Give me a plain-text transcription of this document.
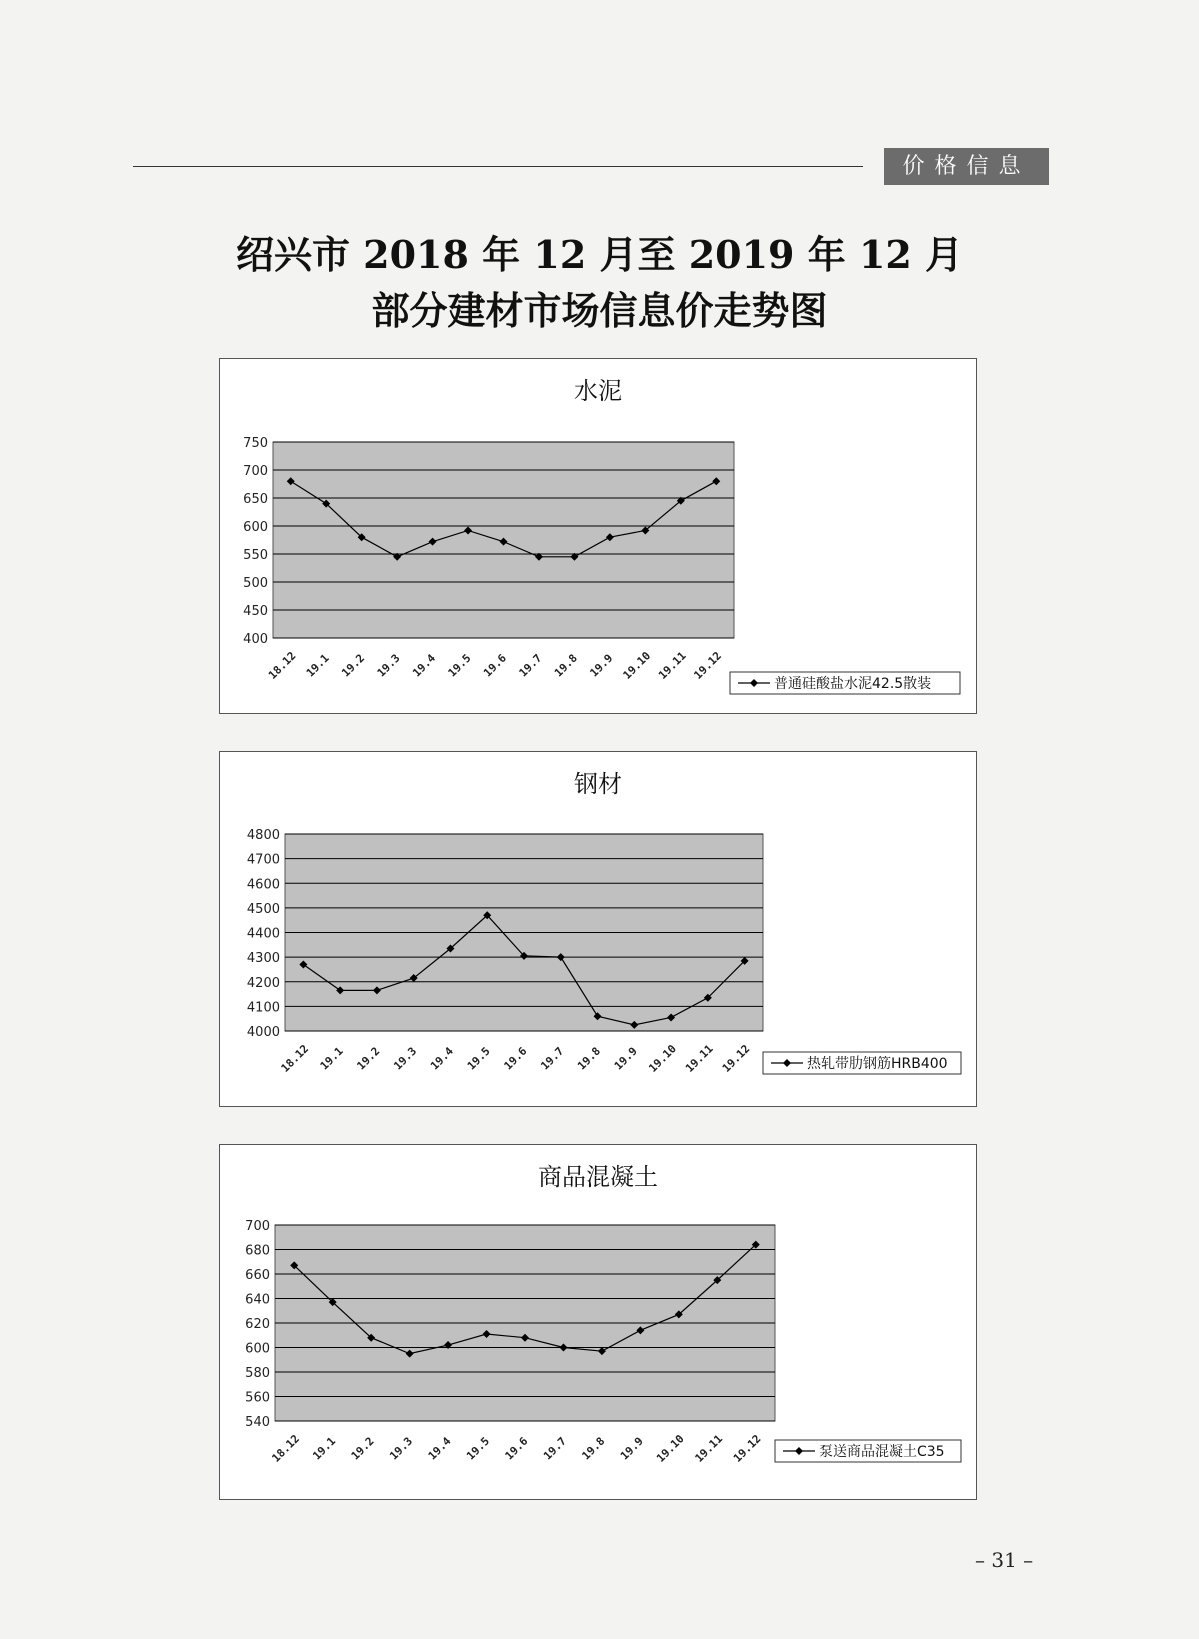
价格信息
绍兴市 2018 年 12 月至 2019 年 12 月
部分建材市场信息价走势图
水泥
400
450
500
550
600
650
700
750
18.12 19.1 19.2 19.3 19.4 19.5 19.6 19.7 19.8 19.9 19.10 19.11 19.12
普通硅酸盐水泥42.5散装
钢材
4000
4100
4200
4300
4400
4500
4600
4700
4800
18.12 19.1 19.2 19.3 19.4 19.5 19.6 19.7 19.8 19.9 19.10 19.11 19.12	热轧带肋钢筋HRB400
商品混凝土
540
560
580
600
620
640
660
680
700
18.12 19.1 19.2 19.3 19.4 19.5 19.6 19.7 19.8 19.9 19.10 19.11 19.12	泵送商品混凝土C35
– 31 –
